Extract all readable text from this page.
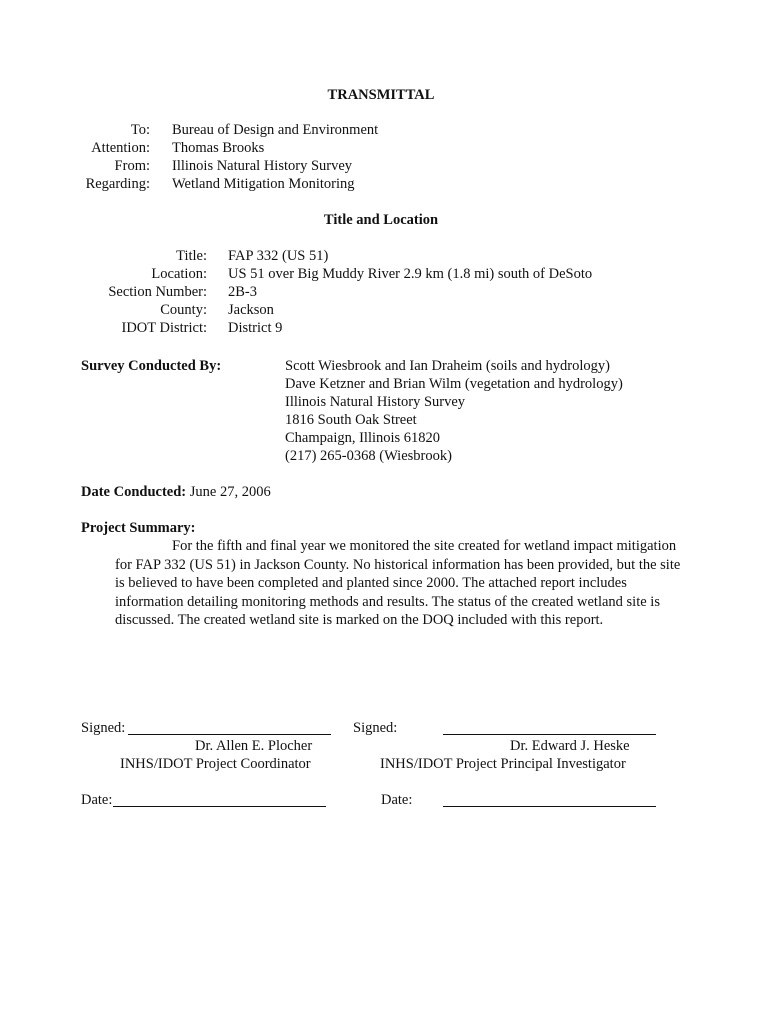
TRANSMITTAL
To: Bureau of Design and Environment
Attention: Thomas Brooks
From: Illinois Natural History Survey
Regarding: Wetland Mitigation Monitoring
Title and Location
Title: FAP 332 (US 51)
Location: US 51 over Big Muddy River 2.9 km (1.8 mi) south of DeSoto
Section Number: 2B-3
County: Jackson
IDOT District: District 9
Survey Conducted By:	Scott Wiesbrook and Ian Draheim (soils and hydrology)
Dave Ketzner and Brian Wilm (vegetation and hydrology)
Illinois Natural History Survey
1816 South Oak Street
Champaign, Illinois 61820
(217) 265-0368 (Wiesbrook)
Date Conducted: June 27, 2006
Project Summary:

For the fifth and final year we monitored the site created for wetland impact mitigation for FAP 332 (US 51) in Jackson County. No historical information has been provided, but the site is believed to have been completed and planted since 2000. The attached report includes information detailing monitoring methods and results. The status of the created wetland site is discussed. The created wetland site is marked on the DOQ included with this report.

Signed:
Dr. Allen E. Plocher
INHS/IDOT Project Coordinator
Date:
Signed:
Dr. Edward J. Heske
INHS/IDOT Project Principal Investigator
Date:
